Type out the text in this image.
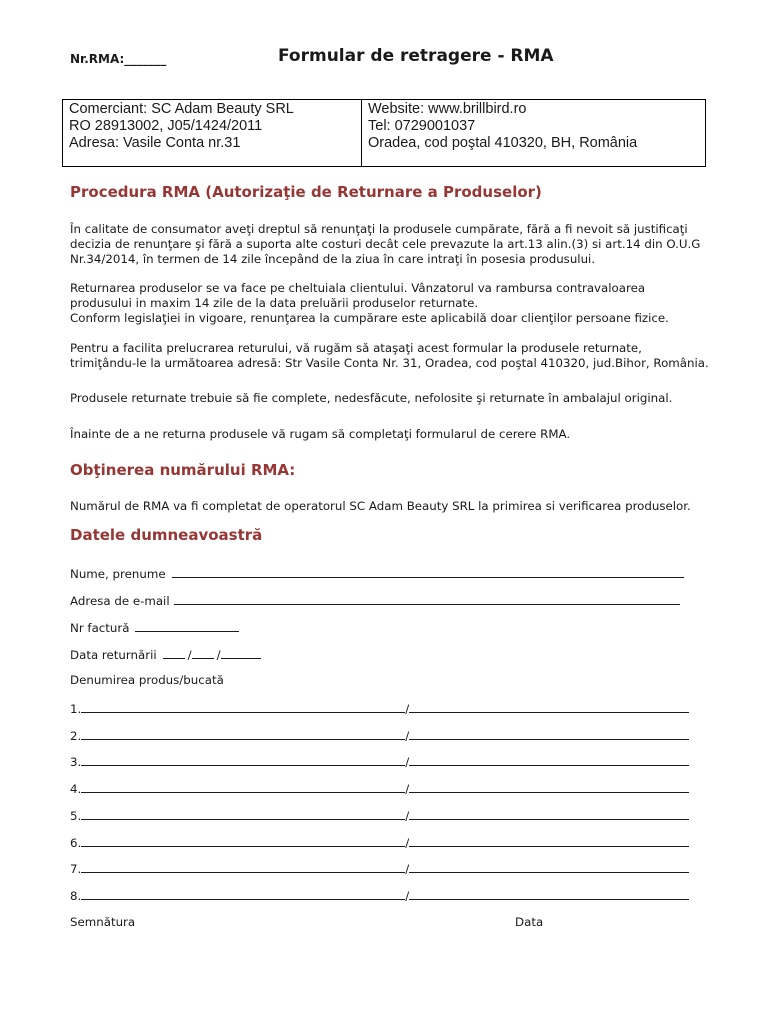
Nr.RMA:_______	Formular de retragere - RMA
Comerciant: SC Adam Beauty SRL
RO 28913002, J05/1424/2011
Adresa: Vasile Conta nr.31

Website: www.brillbird.ro
Tel: 0729001037
Oradea, cod poştal 410320, BH, România
Procedura RMA (Autorizaţie de Returnare a Produselor)
În calitate de consumator aveţi dreptul să renunţaţi la produsele cumpărate, fără a fi nevoit să justificaţi decizia de renunţare şi fără a suporta alte costuri decât cele prevazute la art.13 alin.(3) si art.14 din O.U.G Nr.34/2014, în termen de 14 zile începând de la ziua în care intraţi în posesia produsului.
Returnarea produselor se va face pe cheltuiala clientului. Vânzatorul va rambursa contravaloarea produsului in maxim 14 zile de la data preluării produselor returnate.
Conform legislaţiei in vigoare, renunţarea la cumpărare este aplicabilă doar clienţilor persoane fizice.
Pentru a facilita prelucrarea returului, vă rugăm să ataşaţi acest formular la produsele returnate, trimiţându-le la următoarea adresă: Str Vasile Conta Nr. 31, Oradea, cod poştal 410320, jud.Bihor, România.
Produsele returnate trebuie să fie complete, nedesfăcute, nefolosite şi returnate în ambalajul original.
Înainte de a ne returna produsele vă rugam să completaţi formularul de cerere RMA.
Obţinerea numărului RMA:
Numărul de RMA va fi completat de operatorul SC Adam Beauty SRL la primirea si verificarea produselor.
Datele dumneavoastră
Nume, prenume
Adresa de e-mail
Nr factură
Data returnării	/ /
Denumirea produs/bucată
1.	/
2.	/
3.	/
4.	/
5.	/
6.	/
7.	/
8.	/
Semnătura	Data
